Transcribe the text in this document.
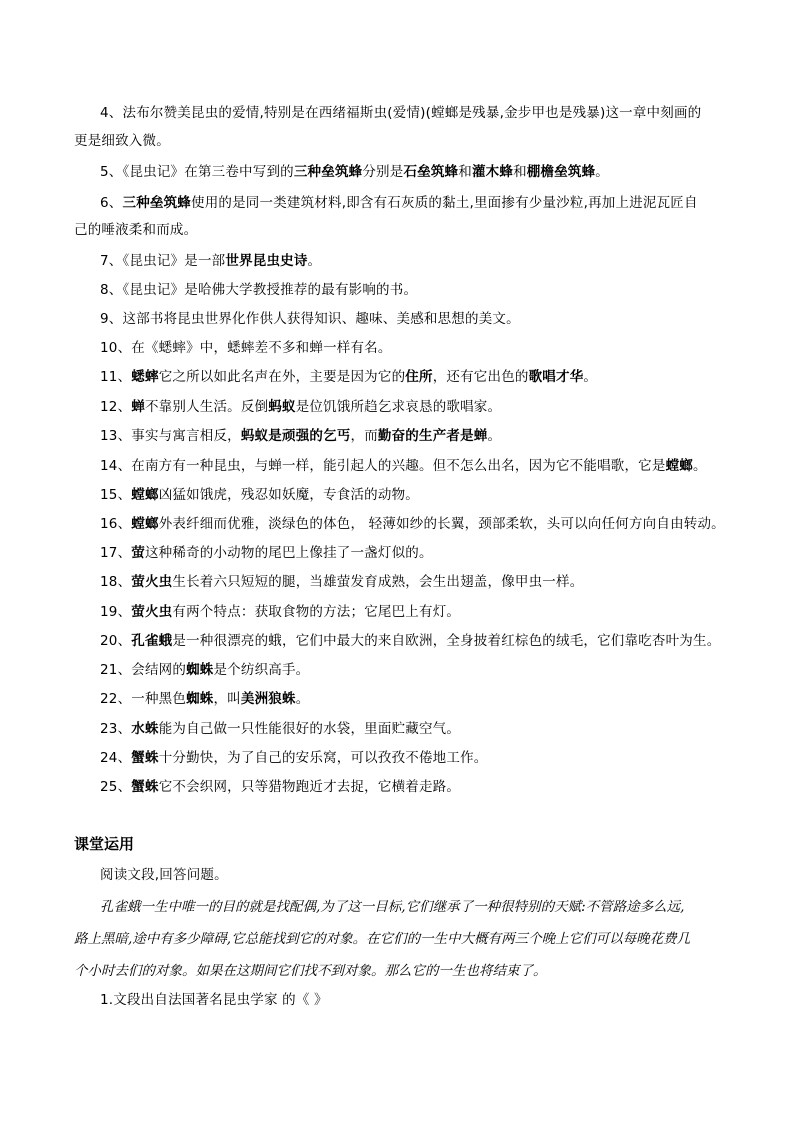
4、法布尔赞美昆虫的爱情,特别是在西绪福斯虫(爱情)(螳螂是残暴,金步甲也是残暴)这一章中刻画的
更是细致入微。
5、《昆虫记》在第三卷中写到的三种垒筑蜂分别是石垒筑蜂和灌木蜂和棚檐垒筑蜂。
6、三种垒筑蜂使用的是同一类建筑材料,即含有石灰质的黏土,里面掺有少量沙粒,再加上进泥瓦匠自
己的唾液柔和而成。
7、《昆虫记》是一部世界昆虫史诗。
8、《昆虫记》是哈佛大学教授推荐的最有影响的书。
9、这部书将昆虫世界化作供人获得知识、趣味、美感和思想的美文。
10、在《蟋蟀》中，蟋蟀差不多和蝉一样有名。
11、蟋蟀它之所以如此名声在外，主要是因为它的住所，还有它出色的歌唱才华。
12、蝉不靠别人生活。反倒蚂蚁是位饥饿所趋乞求哀恳的歌唱家。
13、事实与寓言相反，蚂蚁是顽强的乞丐，而勤奋的生产者是蝉。
14、在南方有一种昆虫，与蝉一样，能引起人的兴趣。但不怎么出名，因为它不能唱歌，它是螳螂。
15、螳螂凶猛如饿虎，残忍如妖魔，专食活的动物。
16、螳螂外表纤细而优雅，淡绿色的体色， 轻薄如纱的长翼，颈部柔软，头可以向任何方向自由转动。
17、萤这种稀奇的小动物的尾巴上像挂了一盏灯似的。
18、萤火虫生长着六只短短的腿，当雄萤发育成熟，会生出翅盖，像甲虫一样。
19、萤火虫有两个特点：获取食物的方法；它尾巴上有灯。
20、孔雀蛾是一种很漂亮的蛾，它们中最大的来自欧洲，全身披着红棕色的绒毛，它们靠吃杏叶为生。
21、会结网的蜘蛛是个纺织高手。
22、一种黑色蜘蛛，叫美洲狼蛛。
23、水蛛能为自己做一只性能很好的水袋，里面贮藏空气。
24、蟹蛛十分勤快，为了自己的安乐窝，可以孜孜不倦地工作。
25、蟹蛛它不会织网，只等猎物跑近才去捉，它横着走路。
课堂运用
阅读文段,回答问题。
孔雀蛾一生中唯一的目的就是找配偶,为了这一目标,它们继承了一种很特别的天赋:不管路途多么远,
路上黑暗,途中有多少障碍,它总能找到它的对象。在它们的一生中大概有两三个晚上它们可以每晚花费几
个小时去们的对象。如果在这期间它们找不到对象。那么它的一生也将结束了。
1.文段出自法国著名昆虫学家 的《 》
